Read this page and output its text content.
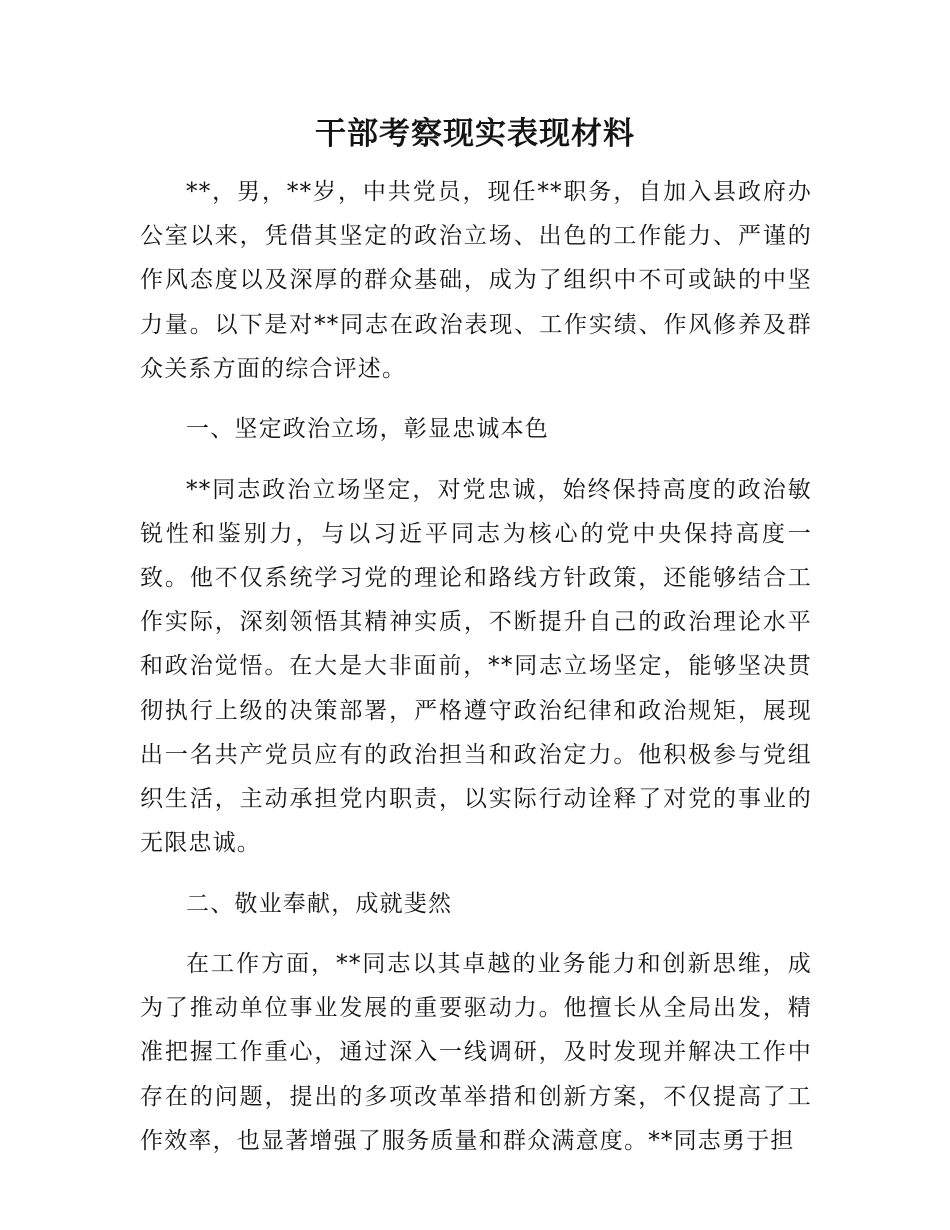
干部考察现实表现材料

**，男，**岁，中共党员，现任**职务，自加入县政府办公室以来，凭借其坚定的政治立场、出色的工作能力、严谨的作风态度以及深厚的群众基础，成为了组织中不可或缺的中坚力量。以下是对**同志在政治表现、工作实绩、作风修养及群众关系方面的综合评述。

一、坚定政治立场，彰显忠诚本色

**同志政治立场坚定，对党忠诚，始终保持高度的政治敏锐性和鉴别力，与以习近平同志为核心的党中央保持高度一致。他不仅系统学习党的理论和路线方针政策，还能够结合工作实际，深刻领悟其精神实质，不断提升自己的政治理论水平和政治觉悟。在大是大非面前，**同志立场坚定，能够坚决贯彻执行上级的决策部署，严格遵守政治纪律和政治规矩，展现出一名共产党员应有的政治担当和政治定力。他积极参与党组织生活，主动承担党内职责，以实际行动诠释了对党的事业的无限忠诚。

二、敬业奉献，成就斐然

在工作方面，**同志以其卓越的业务能力和创新思维，成为了推动单位事业发展的重要驱动力。他擅长从全局出发，精准把握工作重心，通过深入一线调研，及时发现并解决工作中存在的问题，提出的多项改革举措和创新方案，不仅提高了工作效率，也显著增强了服务质量和群众满意度。**同志勇于担
